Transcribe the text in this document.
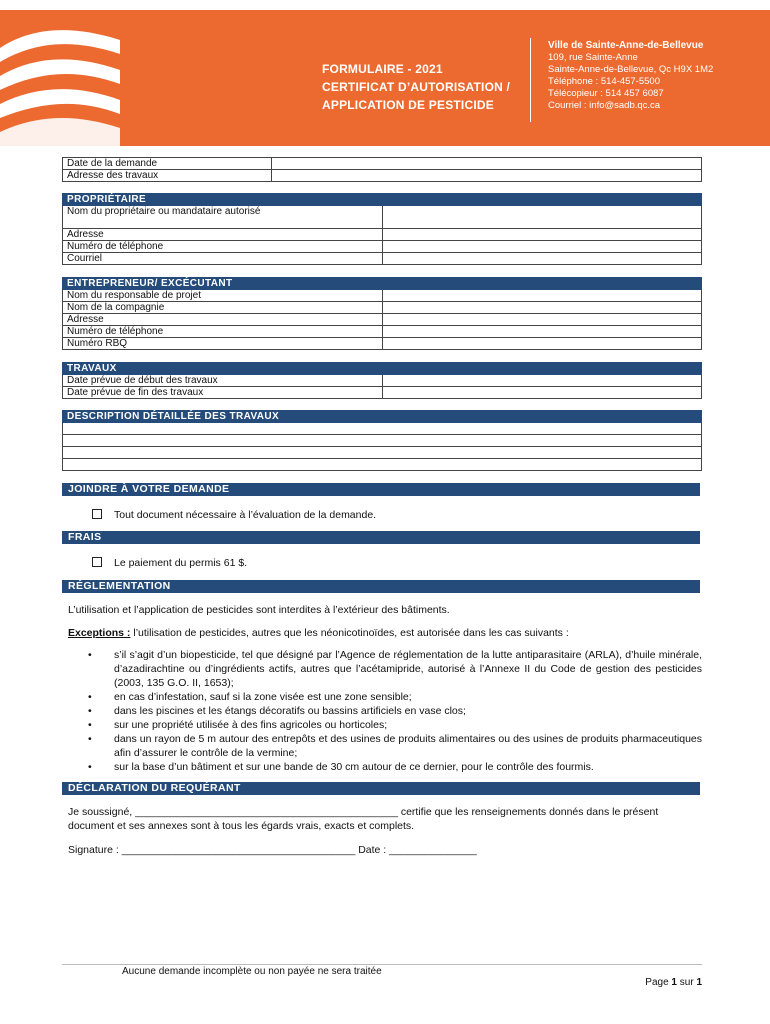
FORMULAIRE - 2021
CERTIFICAT D’AUTORISATION /
APPLICATION DE PESTICIDE
Ville de Sainte-Anne-de-Bellevue
109, rue Sainte-Anne
Sainte-Anne-de-Bellevue, Qc H9X 1M2
Téléphone : 514-457-5500
Télécopieur : 514 457 6087
Courriel : info@sadb.qc.ca
Date de la demande	
Adresse des travaux	
PROPRIÉTAIRE	
Nom du propriétaire ou mandataire autorisé	
Adresse	
Numéro de téléphone	
Courriel	
ENTREPRENEUR/ EXCÉCUTANT	
Nom du responsable de projet	
Nom de la compagnie	
Adresse	
Numéro de téléphone	
Numéro RBQ	
TRAVAUX	
Date prévue de début des travaux	
Date prévue de fin des travaux	
DESCRIPTION DÉTAILLÉE DES TRAVAUX

JOINDRE À VOTRE DEMANDE
Tout document nécessaire à l’évaluation de la demande.
FRAIS
Le paiement du permis 61 $.
RÉGLEMENTATION
L’utilisation et l’application de pesticides sont interdites à l’extérieur des bâtiments.
Exceptions : l’utilisation de pesticides, autres que les néonicotinoïdes, est autorisée dans les cas suivants :
• s’il s’agit d’un biopesticide, tel que désigné par l’Agence de réglementation de la lutte antiparasitaire (ARLA), d’huile minérale, d’azadirachtine ou d’ingrédients actifs, autres que l’acétamipride, autorisé à l’Annexe II du Code de gestion des pesticides (2003, 135 G.O. II, 1653);
• en cas d’infestation, sauf si la zone visée est une zone sensible;
• dans les piscines et les étangs décoratifs ou bassins artificiels en vase clos;
• sur une propriété utilisée à des fins agricoles ou horticoles;
• dans un rayon de 5 m autour des entrepôts et des usines de produits alimentaires ou des usines de produits pharmaceutiques afin d’assurer le contrôle de la vermine;
• sur la base d’un bâtiment et sur une bande de 30 cm autour de ce dernier, pour le contrôle des fourmis.
DÉCLARATION DU REQUÉRANT
Je soussigné, _____________________________________________ certifie que les renseignements donnés dans le présent document et ses annexes sont à tous les égards vrais, exacts et complets.
Signature : ________________________________________ Date : _______________
Aucune demande incomplète ou non payée ne sera traitée
Page 1 sur 1
